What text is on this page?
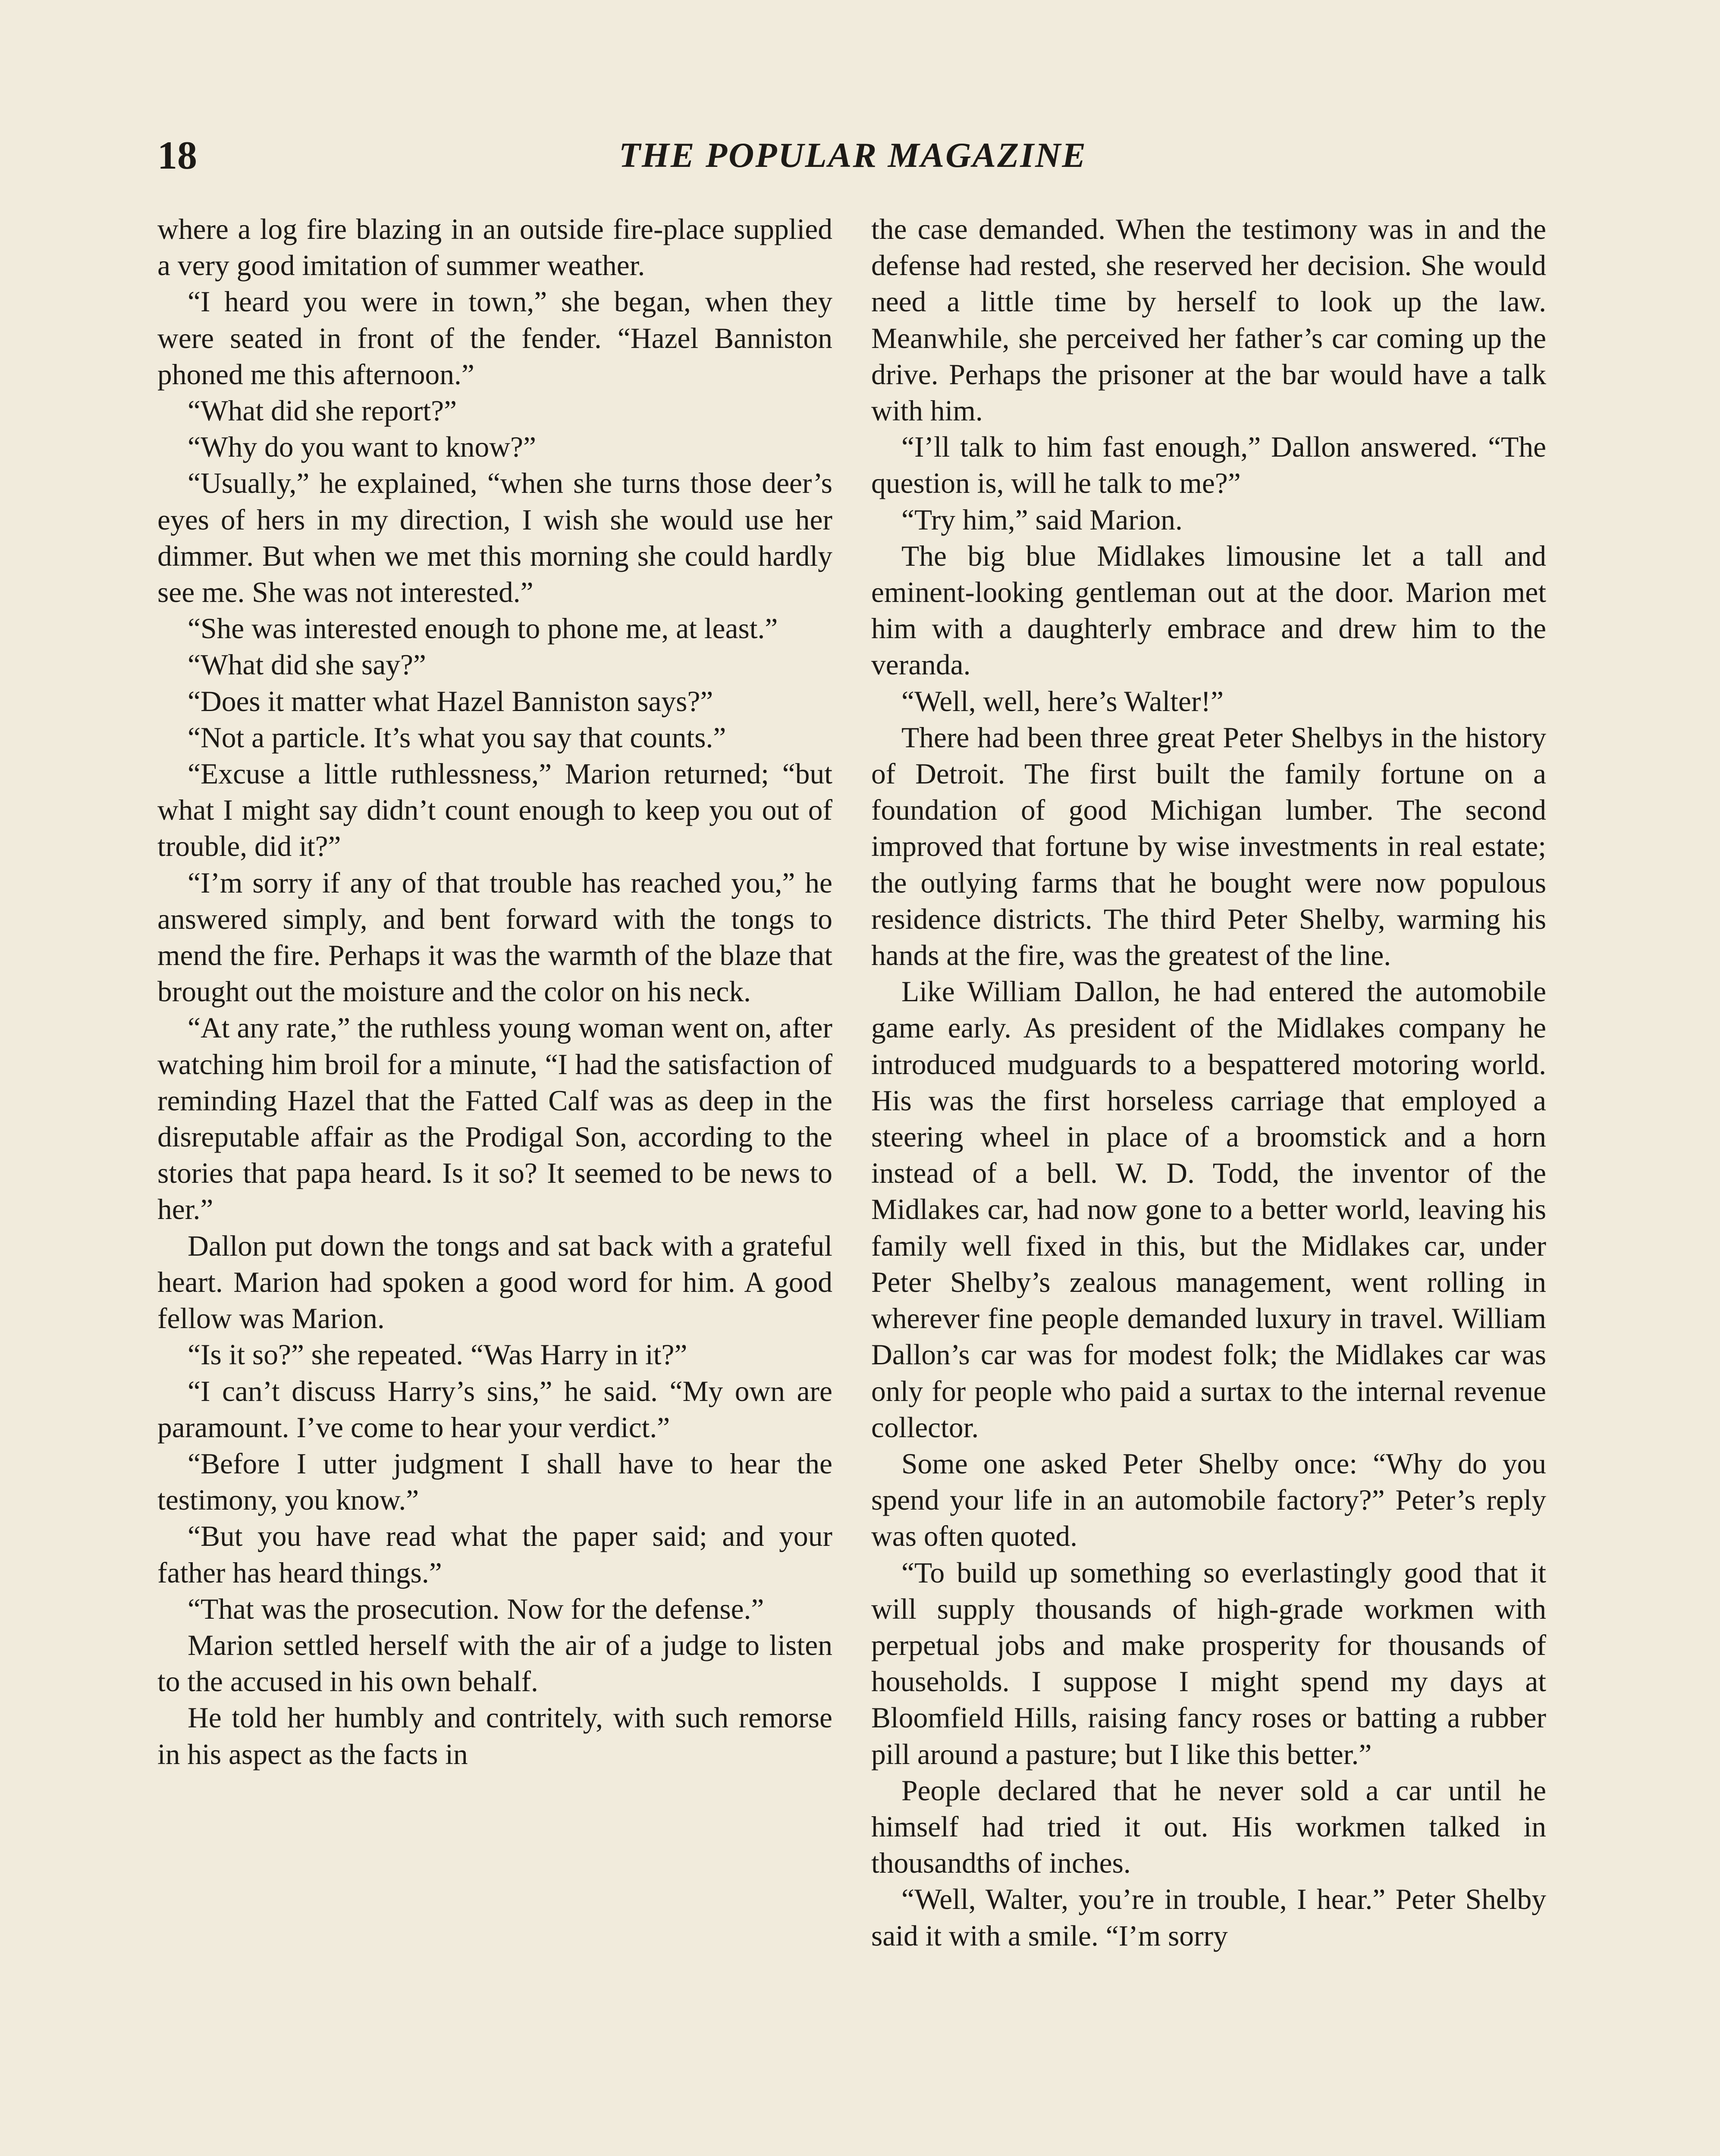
18	THE POPULAR MAGAZINE

where a log fire blazing in an outside fire-place supplied a very good imitation of summer weather.

“I heard you were in town,” she began, when they were seated in front of the fender. “Hazel Banniston phoned me this afternoon.”

“What did she report?”

“Why do you want to know?”

“Usually,” he explained, “when she turns those deer’s eyes of hers in my direction, I wish she would use her dimmer. But when we met this morning she could hardly see me. She was not interested.”

“She was interested enough to phone me, at least.”

“What did she say?”

“Does it matter what Hazel Banniston says?”

“Not a particle. It’s what you say that counts.”

“Excuse a little ruthlessness,” Marion returned; “but what I might say didn’t count enough to keep you out of trouble, did it?”

“I’m sorry if any of that trouble has reached you,” he answered simply, and bent forward with the tongs to mend the fire. Perhaps it was the warmth of the blaze that brought out the moisture and the color on his neck.

“At any rate,” the ruthless young woman went on, after watching him broil for a minute, “I had the satisfaction of reminding Hazel that the Fatted Calf was as deep in the disreputable affair as the Prodigal Son, according to the stories that papa heard. Is it so? It seemed to be news to her.”

Dallon put down the tongs and sat back with a grateful heart. Marion had spoken a good word for him. A good fellow was Marion.

“Is it so?” she repeated. “Was Harry in it?”

“I can’t discuss Harry’s sins,” he said. “My own are paramount. I’ve come to hear your verdict.”

“Before I utter judgment I shall have to hear the testimony, you know.”

“But you have read what the paper said; and your father has heard things.”

“That was the prosecution. Now for the defense.”

Marion settled herself with the air of a judge to listen to the accused in his own behalf.

He told her humbly and contritely, with such remorse in his aspect as the facts in

the case demanded. When the testimony was in and the defense had rested, she reserved her decision. She would need a little time by herself to look up the law. Meanwhile, she perceived her father’s car coming up the drive. Perhaps the prisoner at the bar would have a talk with him.

“I’ll talk to him fast enough,” Dallon answered. “The question is, will he talk to me?”

“Try him,” said Marion.

The big blue Midlakes limousine let a tall and eminent-looking gentleman out at the door. Marion met him with a daughterly embrace and drew him to the veranda.

“Well, well, here’s Walter!”

There had been three great Peter Shelbys in the history of Detroit. The first built the family fortune on a foundation of good Michigan lumber. The second improved that fortune by wise investments in real estate; the outlying farms that he bought were now populous residence districts. The third Peter Shelby, warming his hands at the fire, was the greatest of the line.

Like William Dallon, he had entered the automobile game early. As president of the Midlakes company he introduced mudguards to a bespattered motoring world. His was the first horseless carriage that employed a steering wheel in place of a broomstick and a horn instead of a bell. W. D. Todd, the inventor of the Midlakes car, had now gone to a better world, leaving his family well fixed in this, but the Midlakes car, under Peter Shelby’s zealous management, went rolling in wherever fine people demanded luxury in travel. William Dallon’s car was for modest folk; the Midlakes car was only for people who paid a surtax to the internal revenue collector.

Some one asked Peter Shelby once: “Why do you spend your life in an automobile factory?” Peter’s reply was often quoted.

“To build up something so everlastingly good that it will supply thousands of high-grade workmen with perpetual jobs and make prosperity for thousands of households. I suppose I might spend my days at Bloomfield Hills, raising fancy roses or batting a rubber pill around a pasture; but I like this better.”

People declared that he never sold a car until he himself had tried it out. His workmen talked in thousandths of inches.

“Well, Walter, you’re in trouble, I hear.” Peter Shelby said it with a smile. “I’m sorry
